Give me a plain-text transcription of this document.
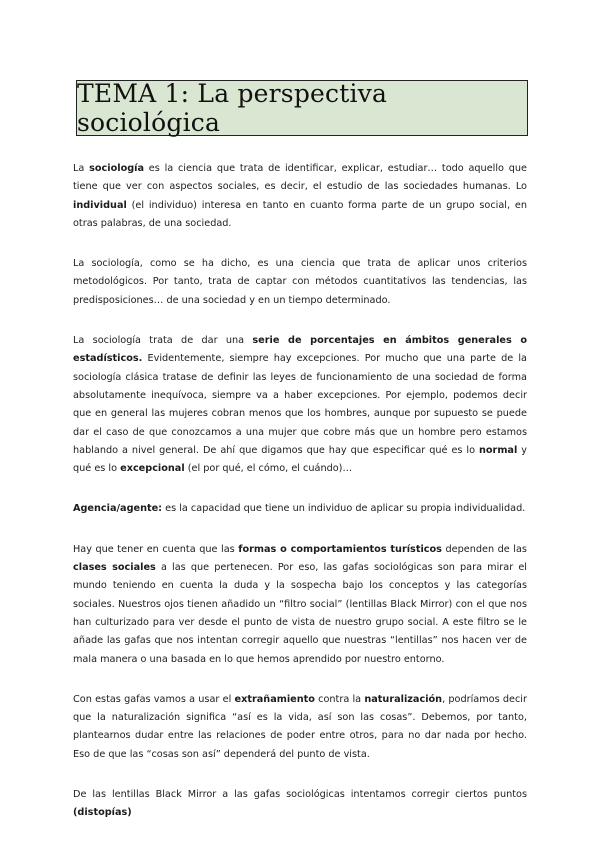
TEMA 1: La perspectiva sociológica

La sociología es la ciencia que trata de identificar, explicar, estudiar… todo aquello que tiene que ver con aspectos sociales, es decir, el estudio de las sociedades humanas. Lo individual (el individuo) interesa en tanto en cuanto forma parte de un grupo social, en otras palabras, de una sociedad.

La sociología, como se ha dicho, es una ciencia que trata de aplicar unos criterios metodológicos. Por tanto, trata de captar con métodos cuantitativos las tendencias, las predisposiciones… de una sociedad y en un tiempo determinado.

La sociología trata de dar una serie de porcentajes en ámbitos generales o estadísticos. Evidentemente, siempre hay excepciones. Por mucho que una parte de la sociología clásica tratase de definir las leyes de funcionamiento de una sociedad de forma absolutamente inequívoca, siempre va a haber excepciones. Por ejemplo, podemos decir que en general las mujeres cobran menos que los hombres, aunque por supuesto se puede dar el caso de que conozcamos a una mujer que cobre más que un hombre pero estamos hablando a nivel general. De ahí que digamos que hay que especificar qué es lo normal y qué es lo excepcional (el por qué, el cómo, el cuándo)…

Agencia/agente: es la capacidad que tiene un individuo de aplicar su propia individualidad.

Hay que tener en cuenta que las formas o comportamientos turísticos dependen de las clases sociales a las que pertenecen. Por eso, las gafas sociológicas son para mirar el mundo teniendo en cuenta la duda y la sospecha bajo los conceptos y las categorías sociales. Nuestros ojos tienen añadido un “filtro social” (lentillas Black Mirror) con el que nos han culturizado para ver desde el punto de vista de nuestro grupo social. A este filtro se le añade las gafas que nos intentan corregir aquello que nuestras “lentillas” nos hacen ver de mala manera o una basada en lo que hemos aprendido por nuestro entorno.

Con estas gafas vamos a usar el extrañamiento contra la naturalización, podríamos decir que la naturalización significa “así es la vida, así son las cosas”. Debemos, por tanto, plantearnos dudar entre las relaciones de poder entre otros, para no dar nada por hecho. Eso de que las “cosas son así” dependerá del punto de vista.

De las lentillas Black Mirror a las gafas sociológicas intentamos corregir ciertos puntos (distopías)
